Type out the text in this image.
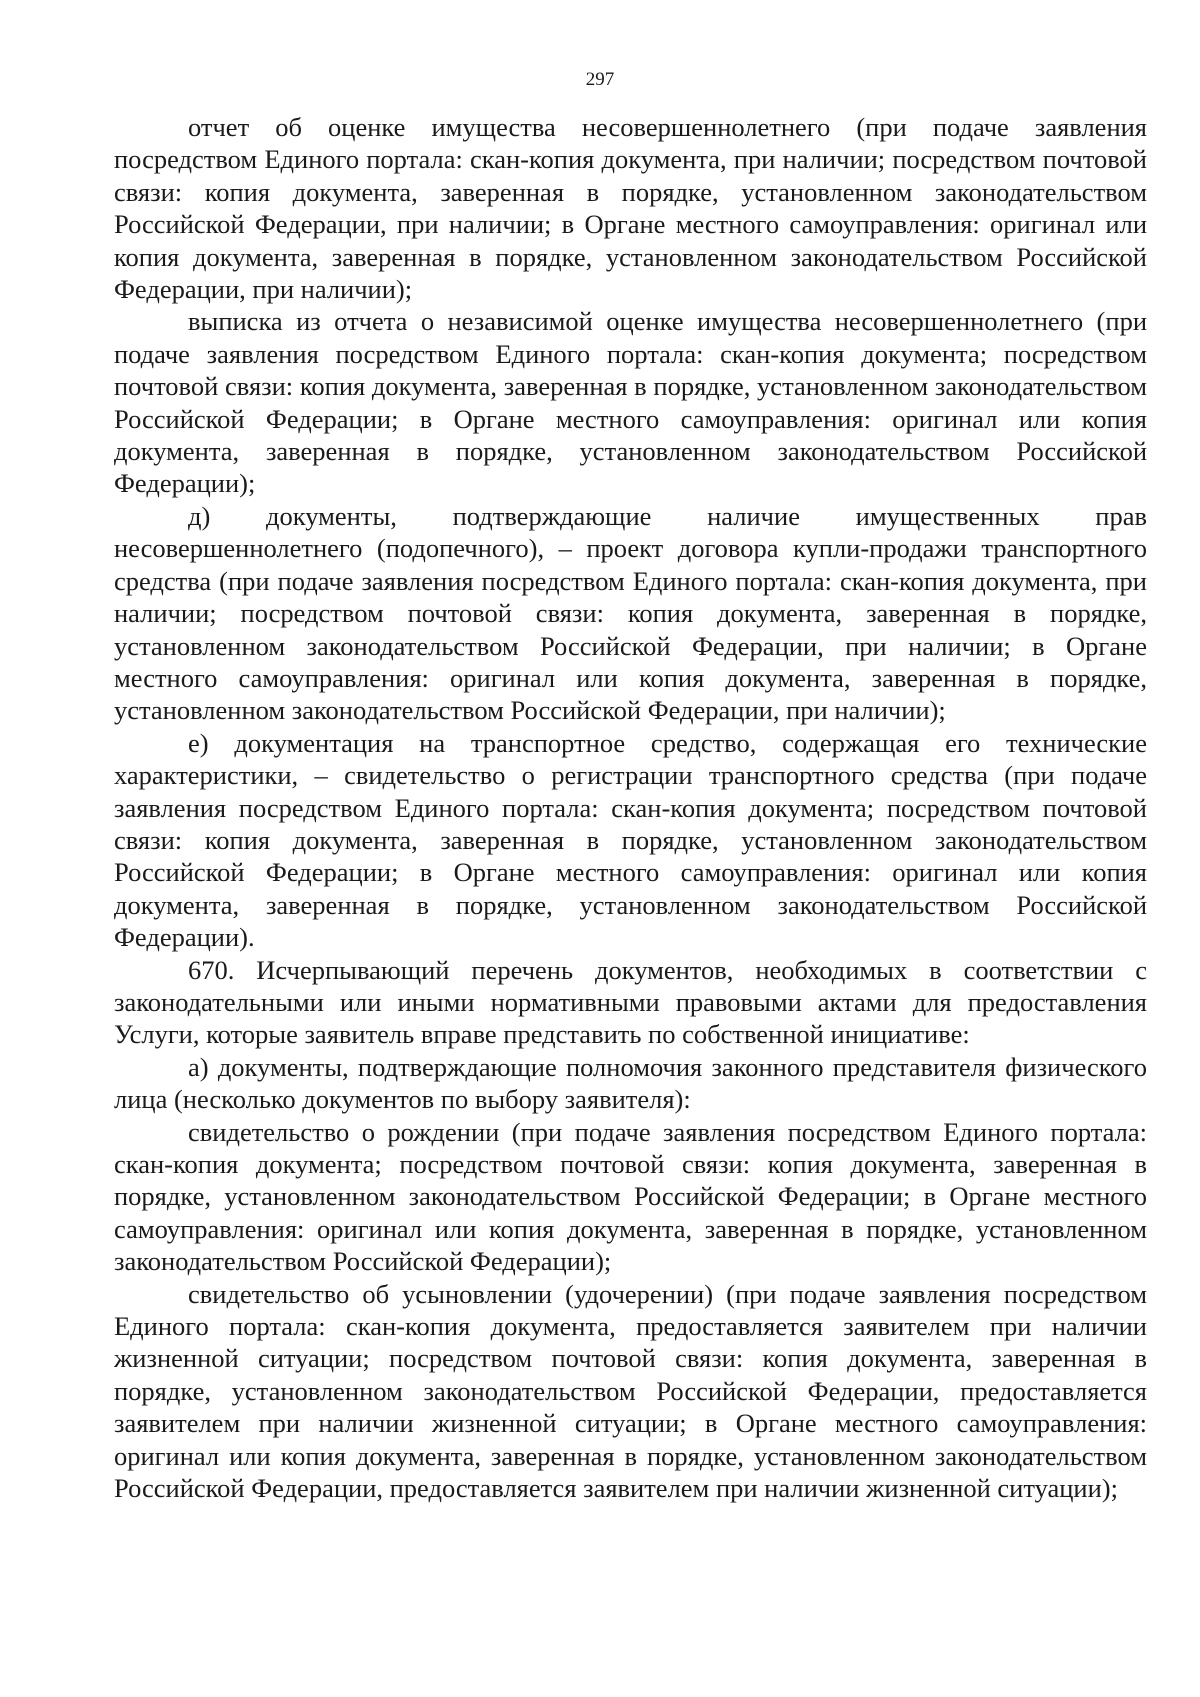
297

отчет об оценке имущества несовершеннолетнего (при подаче заявления посредством Единого портала: скан-копия документа, при наличии; посредством почтовой связи: копия документа, заверенная в порядке, установленном законодательством Российской Федерации, при наличии; в Органе местного самоуправления: оригинал или копия документа, заверенная в порядке, установленном законодательством Российской Федерации, при наличии);

выписка из отчета о независимой оценке имущества несовершеннолетнего (при подаче заявления посредством Единого портала: скан-копия документа; посредством почтовой связи: копия документа, заверенная в порядке, установленном законодательством Российской Федерации; в Органе местного самоуправления: оригинал или копия документа, заверенная в порядке, установленном законодательством Российской Федерации);

д) документы, подтверждающие наличие имущественных прав несовершеннолетнего (подопечного), – проект договора купли-продажи транспортного средства (при подаче заявления посредством Единого портала: скан-копия документа, при наличии; посредством почтовой связи: копия документа, заверенная в порядке, установленном законодательством Российской Федерации, при наличии; в Органе местного самоуправления: оригинал или копия документа, заверенная в порядке, установленном законодательством Российской Федерации, при наличии);

е) документация на транспортное средство, содержащая его технические характеристики, – свидетельство о регистрации транспортного средства (при подаче заявления посредством Единого портала: скан-копия документа; посредством почтовой связи: копия документа, заверенная в порядке, установленном законодательством Российской Федерации; в Органе местного самоуправления: оригинал или копия документа, заверенная в порядке, установленном законодательством Российской Федерации).

670. Исчерпывающий перечень документов, необходимых в соответствии с законодательными или иными нормативными правовыми актами для предоставления Услуги, которые заявитель вправе представить по собственной инициативе:

а) документы, подтверждающие полномочия законного представителя физического лица (несколько документов по выбору заявителя):

свидетельство о рождении (при подаче заявления посредством Единого портала: скан-копия документа; посредством почтовой связи: копия документа, заверенная в порядке, установленном законодательством Российской Федерации; в Органе местного самоуправления: оригинал или копия документа, заверенная в порядке, установленном законодательством Российской Федерации);

свидетельство об усыновлении (удочерении) (при подаче заявления посредством Единого портала: скан-копия документа, предоставляется заявителем при наличии жизненной ситуации; посредством почтовой связи: копия документа, заверенная в порядке, установленном законодательством Российской Федерации, предоставляется заявителем при наличии жизненной ситуации; в Органе местного самоуправления: оригинал или копия документа, заверенная в порядке, установленном законодательством Российской Федерации, предоставляется заявителем при наличии жизненной ситуации);
